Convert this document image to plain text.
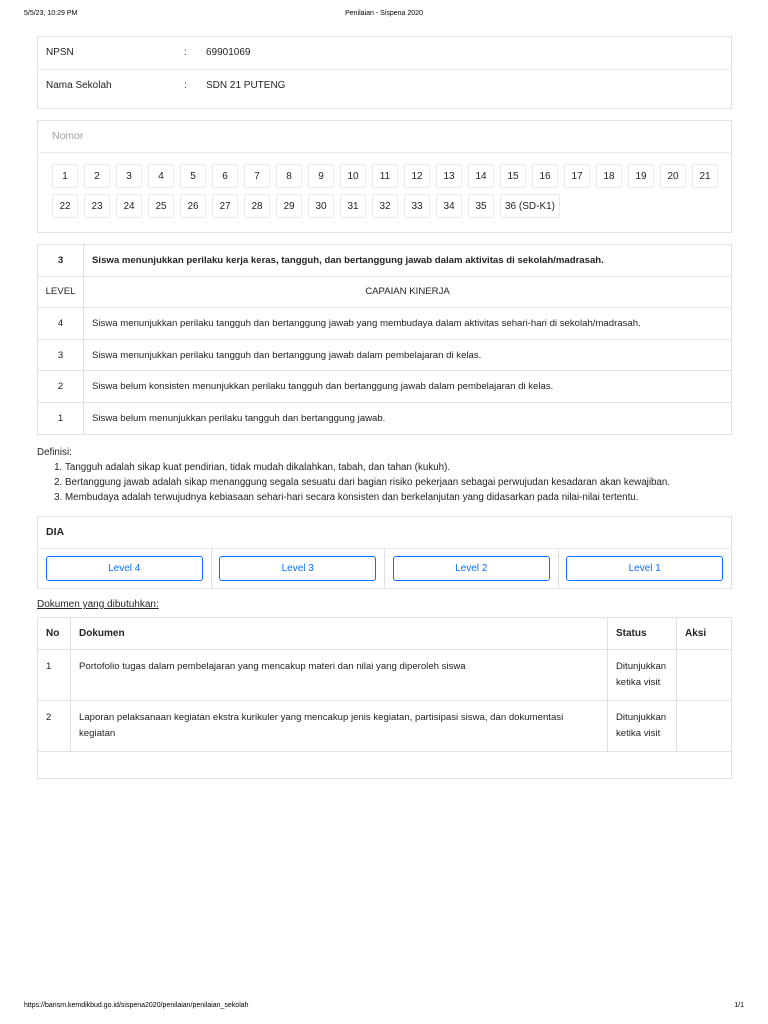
5/5/23, 10:29 PM	Penilaian - Sispena 2020
NPSN	: 69901069
Nama Sekolah	: SDN 21 PUTENG
Nomor
1	2	3	4	5	6	7	8	9	10	11	12	13	14	15	16	17	18	19	20	21
22	23	24	25	26	27	28	29	30	31	32	33	34	35	36 (SD-K1)
3	Siswa menunjukkan perilaku kerja keras, tangguh, dan bertanggung jawab dalam aktivitas di sekolah/madrasah.
LEVEL	CAPAIAN KINERJA
4	Siswa menunjukkan perilaku tangguh dan bertanggung jawab yang membudaya dalam aktivitas sehari-hari di sekolah/madrasah.
3	Siswa menunjukkan perilaku tangguh dan bertanggung jawab dalam pembelajaran di kelas.
2	Siswa belum konsisten menunjukkan perilaku tangguh dan bertanggung jawab dalam pembelajaran di kelas.
1	Siswa belum menunjukkan perilaku tangguh dan bertanggung jawab.
Definisi:
1. Tangguh adalah sikap kuat pendirian, tidak mudah dikalahkan, tabah, dan tahan (kukuh).
2. Bertanggung jawab adalah sikap menanggung segala sesuatu dari bagian risiko pekerjaan sebagai perwujudan kesadaran akan kewajiban.
3. Membudaya adalah terwujudnya kebiasaan sehari-hari secara konsisten dan berkelanjutan yang didasarkan pada nilai-nilai tertentu.
DIA
Level 4	Level 3	Level 2	Level 1
Dokumen yang dibutuhkan:
No	Dokumen	Status	Aksi
1	Portofolio tugas dalam pembelajaran yang mencakup materi dan nilai yang diperoleh siswa	Ditunjukkan ketika visit	
2	Laporan pelaksanaan kegiatan ekstra kurikuler yang mencakup jenis kegiatan, partisipasi siswa, dan dokumentasi kegiatan	Ditunjukkan ketika visit	

https://bansm.kemdikbud.go.id/sispena2020/penilaian/penilaian_sekolah	1/1
